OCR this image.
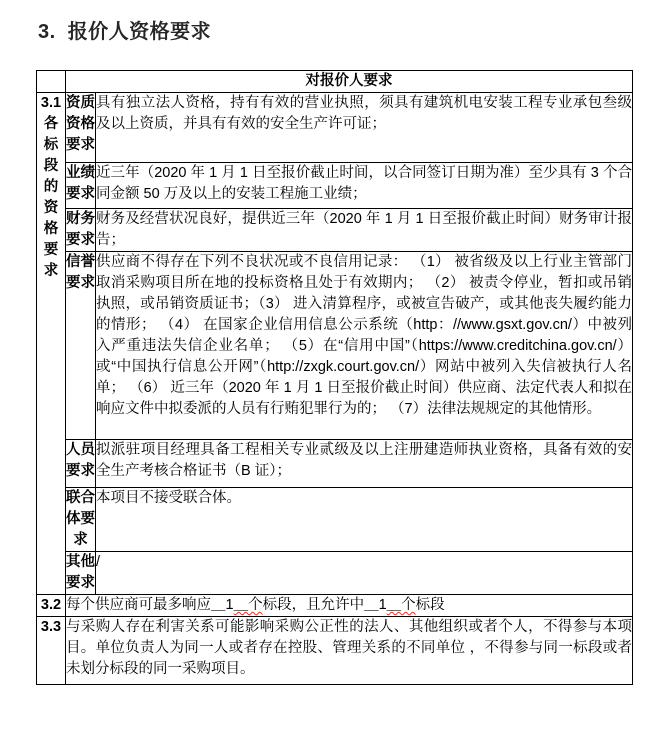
3. 报价人资格要求
	对报价人要求	

3.1
各标段的资格要求	资质资格要求	具有独立法人资格，持有有效的营业执照，须具有建筑机电安装工程专业承包叁级及以上资质，并具有有效的安全生产许可证；
	业绩要求	近三年（2020 年 1 月 1 日至报价截止时间，以合同签订日期为准）至少具有 3 个合同金额 50 万及以上的安装工程施工业绩；
	财务要求	财务及经营状况良好，提供近三年（2020 年 1 月 1 日至报价截止时间）财务审计报告；
	信誉要求	供应商不得存在下列不良状况或不良信用记录： （1） 被省级及以上行业主管部门取消采购项目所在地的投标资格且处于有效期内； （2） 被责令停业，暂扣或吊销执照，或吊销资质证书；（3） 进入清算程序，或被宣告破产，或其他丧失履约能力的情形； （4） 在国家企业信用信息公示系统（http：//www.gsxt.gov.cn/）中被列入严重违法失信企业名单； （5）在“信用中国”（https://www.creditchina.gov.cn/）或“中国执行信息公开网”（http://zxgk.court.gov.cn/）网站中被列入失信被执行人名单； （6） 近三年（2020 年 1 月 1 日至报价截止时间）供应商、法定代表人和拟在响应文件中拟委派的人员有行贿犯罪行为的； （7）法律法规规定的其他情形。
	人员要求	拟派驻项目经理具备工程相关专业贰级及以上注册建造师执业资格，具备有效的安全生产考核合格证书（B 证）；
	联合体要求	本项目不接受联合体。
	其他要求	/
3.2	每个供应商可最多响应＿1＿个标段，且允许中＿1＿个标段	
3.3	与采购人存在利害关系可能影响采购公正性的法人、其他组织或者个人，不得参与本项目。单位负责人为同一人或者存在控股、管理关系的不同单位 ，不得参与同一标段或者未划分标段的同一采购项目。	
